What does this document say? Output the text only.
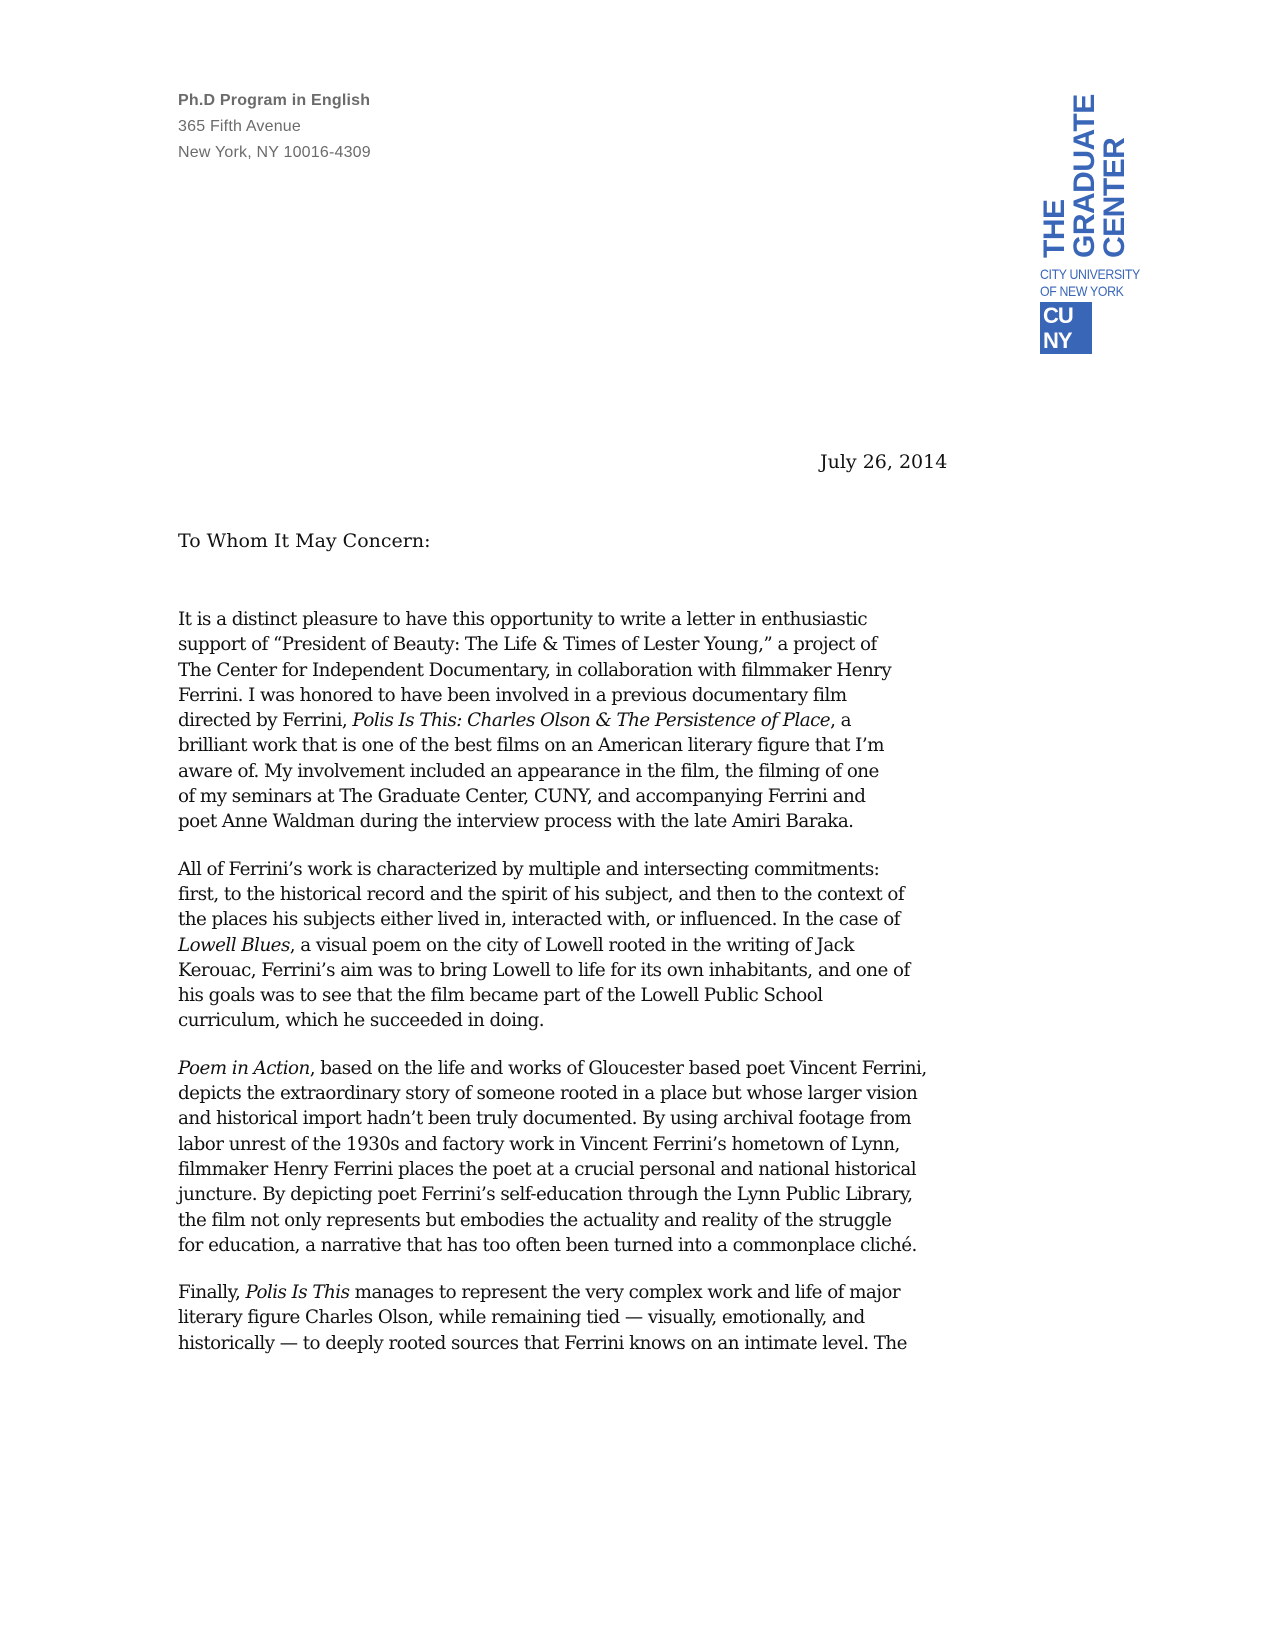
Ph.D Program in English
365 Fifth Avenue
New York, NY 10016-4309
THE
GRADUATE
CENTER
CITY UNIVERSITY
OF NEW YORK
CU
NY
July 26, 2014
To Whom It May Concern:

It is a distinct pleasure to have this opportunity to write a letter in enthusiastic
support of “President of Beauty: The Life & Times of Lester Young,” a project of
The Center for Independent Documentary, in collaboration with filmmaker Henry
Ferrini. I was honored to have been involved in a previous documentary film
directed by Ferrini, Polis Is This: Charles Olson & The Persistence of Place, a
brilliant work that is one of the best films on an American literary figure that I’m
aware of. My involvement included an appearance in the film, the filming of one
of my seminars at The Graduate Center, CUNY, and accompanying Ferrini and
poet Anne Waldman during the interview process with the late Amiri Baraka.

All of Ferrini’s work is characterized by multiple and intersecting commitments:
first, to the historical record and the spirit of his subject, and then to the context of
the places his subjects either lived in, interacted with, or influenced. In the case of
Lowell Blues, a visual poem on the city of Lowell rooted in the writing of Jack
Kerouac, Ferrini’s aim was to bring Lowell to life for its own inhabitants, and one of
his goals was to see that the film became part of the Lowell Public School
curriculum, which he succeeded in doing.

Poem in Action, based on the life and works of Gloucester based poet Vincent Ferrini,
depicts the extraordinary story of someone rooted in a place but whose larger vision
and historical import hadn’t been truly documented. By using archival footage from
labor unrest of the 1930s and factory work in Vincent Ferrini’s hometown of Lynn,
filmmaker Henry Ferrini places the poet at a crucial personal and national historical
juncture. By depicting poet Ferrini’s self-education through the Lynn Public Library,
the film not only represents but embodies the actuality and reality of the struggle
for education, a narrative that has too often been turned into a commonplace cliché.

Finally, Polis Is This manages to represent the very complex work and life of major
literary figure Charles Olson, while remaining tied — visually, emotionally, and
historically — to deeply rooted sources that Ferrini knows on an intimate level. The
